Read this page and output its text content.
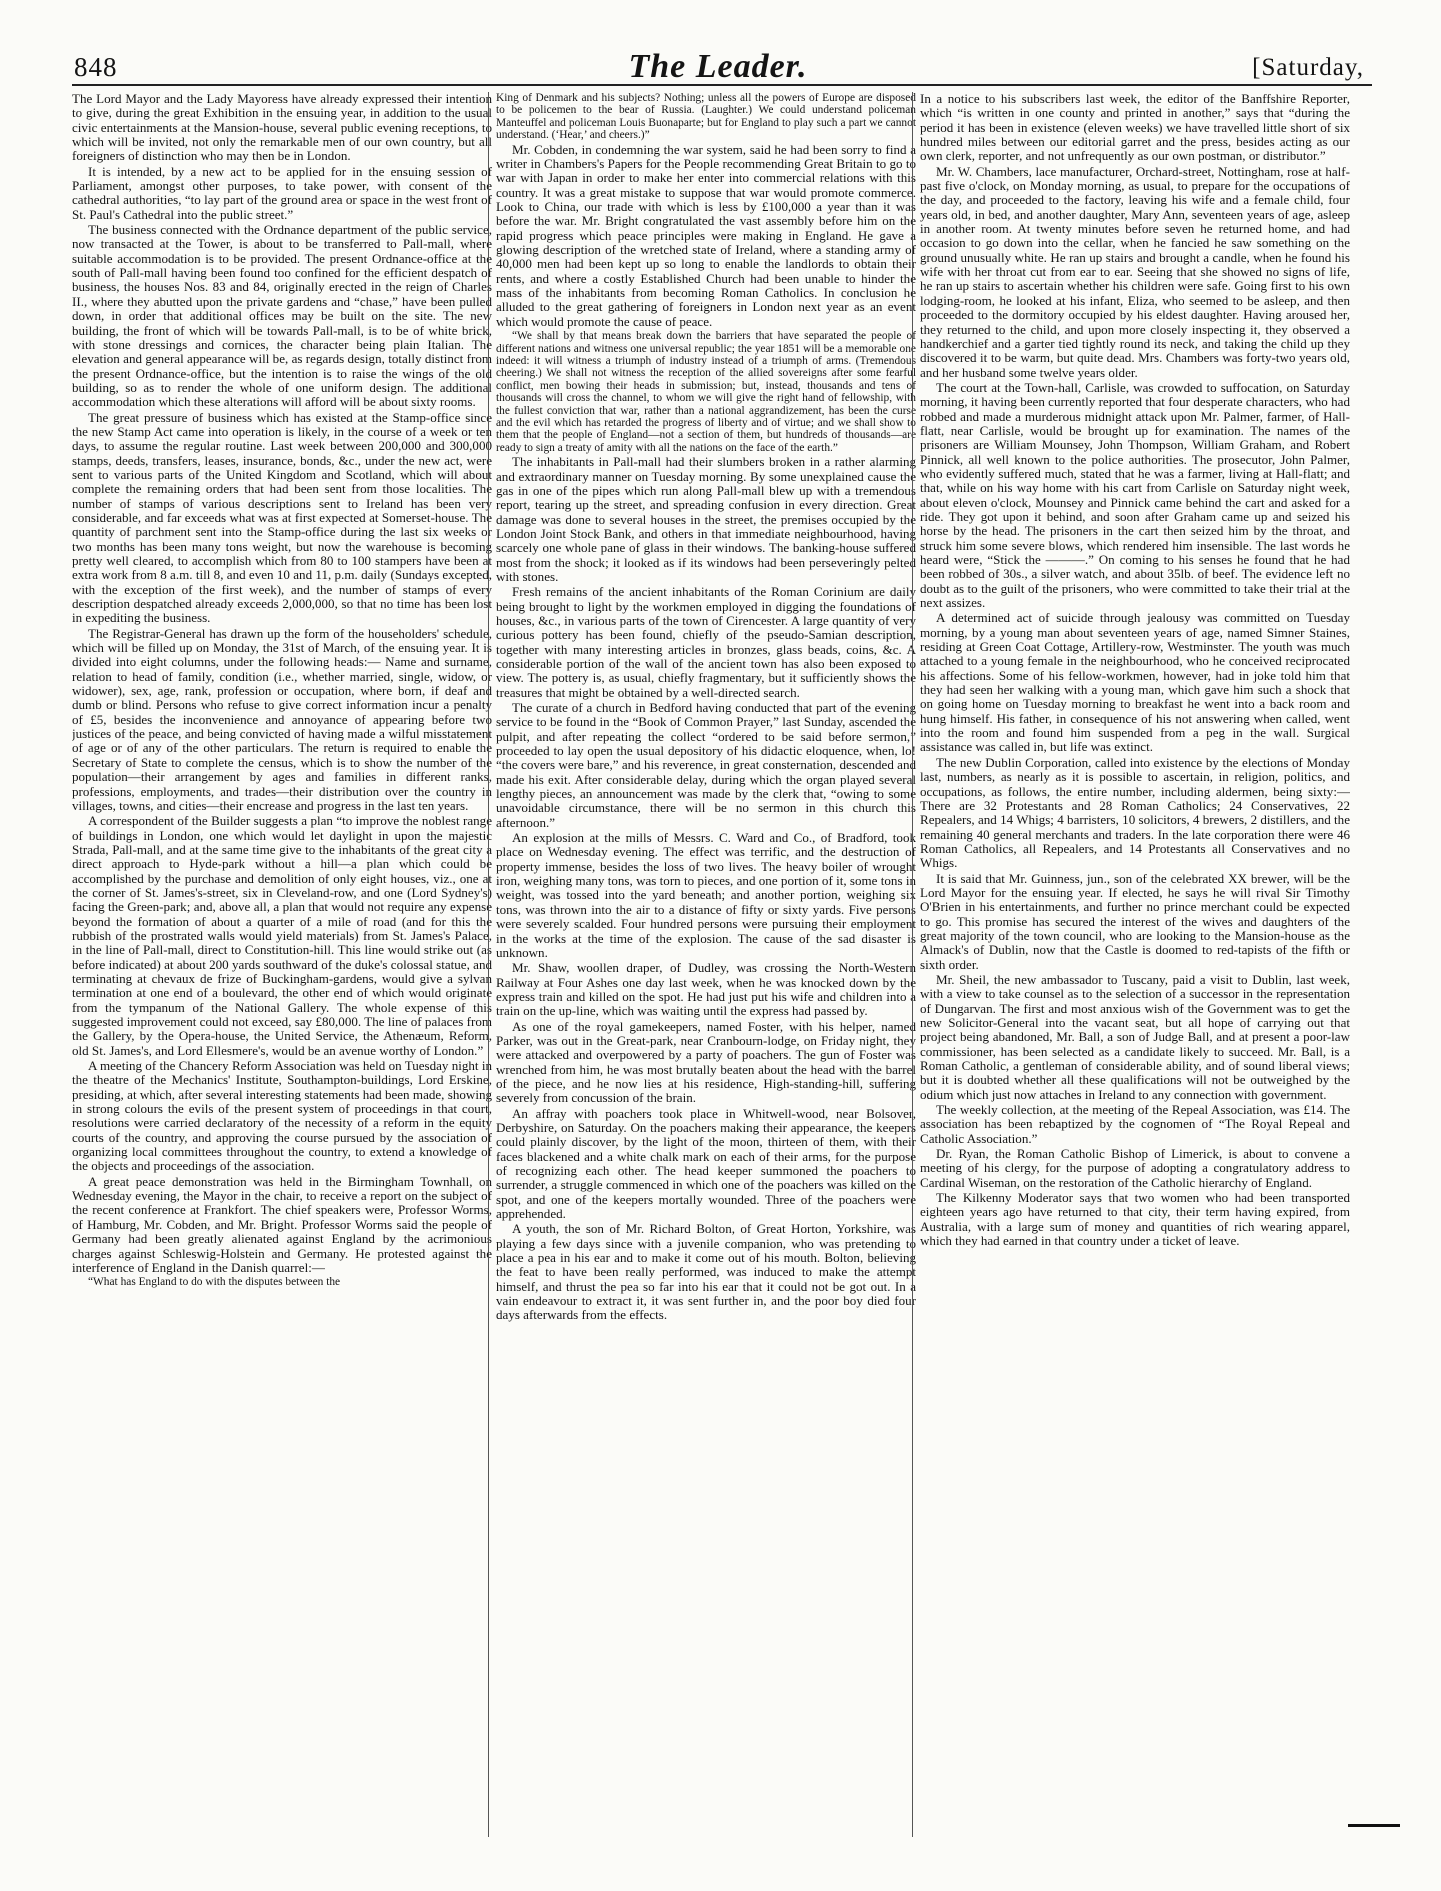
848	The Leader.	[Saturday,

The Lord Mayor and the Lady Mayoress have already expressed their intention to give, during the great Exhibition in the ensuing year, in addition to the usual civic entertainments at the Mansion-house, several public evening receptions, to which will be invited, not only the remarkable men of our own country, but all foreigners of distinction who may then be in London.

It is intended, by a new act to be applied for in the ensuing session of Parliament, amongst other purposes, to take power, with consent of the cathedral authorities, “to lay part of the ground area or space in the west front of St. Paul's Cathedral into the public street.”

The business connected with the Ordnance department of the public service, now transacted at the Tower, is about to be transferred to Pall-mall, where suitable accommodation is to be provided. The present Ordnance-office at the south of Pall-mall having been found too confined for the efficient despatch of business, the houses Nos. 83 and 84, originally erected in the reign of Charles II., where they abutted upon the private gardens and “chase,” have been pulled down, in order that additional offices may be built on the site. The new building, the front of which will be towards Pall-mall, is to be of white brick, with stone dressings and cornices, the character being plain Italian. The elevation and general appearance will be, as regards design, totally distinct from the present Ordnance-office, but the intention is to raise the wings of the old building, so as to render the whole of one uniform design. The additional accommodation which these alterations will afford will be about sixty rooms.

The great pressure of business which has existed at the Stamp-office since the new Stamp Act came into operation is likely, in the course of a week or ten days, to assume the regular routine. Last week between 200,000 and 300,000 stamps, deeds, transfers, leases, insurance, bonds, &c., under the new act, were sent to various parts of the United Kingdom and Scotland, which will about complete the remaining orders that had been sent from those localities. The number of stamps of various descriptions sent to Ireland has been very considerable, and far exceeds what was at first expected at Somerset-house. The quantity of parchment sent into the Stamp-office during the last six weeks or two months has been many tons weight, but now the warehouse is becoming pretty well cleared, to accomplish which from 80 to 100 stampers have been at extra work from 8 a.m. till 8, and even 10 and 11, p.m. daily (Sundays excepted, with the exception of the first week), and the number of stamps of every description despatched already exceeds 2,000,000, so that no time has been lost in expediting the business.

The Registrar-General has drawn up the form of the householders' schedule, which will be filled up on Monday, the 31st of March, of the ensuing year. It is divided into eight columns, under the following heads:— Name and surname, relation to head of family, condition (i.e., whether married, single, widow, or widower), sex, age, rank, profession or occupation, where born, if deaf and dumb or blind. Persons who refuse to give correct information incur a penalty of £5, besides the inconvenience and annoyance of appearing before two justices of the peace, and being convicted of having made a wilful misstatement of age or of any of the other particulars. The return is required to enable the Secretary of State to complete the census, which is to show the number of the population—their arrangement by ages and families in different ranks, professions, employments, and trades—their distribution over the country in villages, towns, and cities—their encrease and progress in the last ten years.

A correspondent of the Builder suggests a plan “to improve the noblest range of buildings in London, one which would let daylight in upon the majestic Strada, Pall-mall, and at the same time give to the inhabitants of the great city a direct approach to Hyde-park without a hill—a plan which could be accomplished by the purchase and demolition of only eight houses, viz., one at the corner of St. James's-street, six in Cleveland-row, and one (Lord Sydney's) facing the Green-park; and, above all, a plan that would not require any expense beyond the formation of about a quarter of a mile of road (and for this the rubbish of the prostrated walls would yield materials) from St. James's Palace, in the line of Pall-mall, direct to Constitution-hill. This line would strike out (as before indicated) at about 200 yards southward of the duke's colossal statue, and terminating at chevaux de frize of Buckingham-gardens, would give a sylvan termination at one end of a boulevard, the other end of which would originate from the tympanum of the National Gallery. The whole expense of this suggested improvement could not exceed, say £80,000. The line of palaces from the Gallery, by the Opera-house, the United Service, the Athenæum, Reform, old St. James's, and Lord Ellesmere's, would be an avenue worthy of London.”

A meeting of the Chancery Reform Association was held on Tuesday night in the theatre of the Mechanics' Institute, Southampton-buildings, Lord Erskine, presiding, at which, after several interesting statements had been made, showing in strong colours the evils of the present system of proceedings in that court, resolutions were carried declaratory of the necessity of a reform in the equity courts of the country, and approving the course pursued by the association of organizing local committees throughout the country, to extend a knowledge of the objects and proceedings of the association.

A great peace demonstration was held in the Birmingham Townhall, on Wednesday evening, the Mayor in the chair, to receive a report on the subject of the recent conference at Frankfort. The chief speakers were, Professor Worms, of Hamburg, Mr. Cobden, and Mr. Bright. Professor Worms said the people of Germany had been greatly alienated against England by the acrimonious charges against Schleswig-Holstein and Germany. He protested against the interference of England in the Danish quarrel:—

“What has England to do with the disputes between the

King of Denmark and his subjects? Nothing; unless all the powers of Europe are disposed to be policemen to the bear of Russia. (Laughter.) We could understand policeman Manteuffel and policeman Louis Buonaparte; but for England to play such a part we cannot understand. (‘Hear,’ and cheers.)”

Mr. Cobden, in condemning the war system, said he had been sorry to find a writer in Chambers's Papers for the People recommending Great Britain to go to war with Japan in order to make her enter into commercial relations with this country. It was a great mistake to suppose that war would promote commerce. Look to China, our trade with which is less by £100,000 a year than it was before the war. Mr. Bright congratulated the vast assembly before him on the rapid progress which peace principles were making in England. He gave a glowing description of the wretched state of Ireland, where a standing army of 40,000 men had been kept up so long to enable the landlords to obtain their rents, and where a costly Established Church had been unable to hinder the mass of the inhabitants from becoming Roman Catholics. In conclusion he alluded to the great gathering of foreigners in London next year as an event which would promote the cause of peace.

“We shall by that means break down the barriers that have separated the people of different nations and witness one universal republic; the year 1851 will be a memorable one indeed: it will witness a triumph of industry instead of a triumph of arms. (Tremendous cheering.) We shall not witness the reception of the allied sovereigns after some fearful conflict, men bowing their heads in submission; but, instead, thousands and tens of thousands will cross the channel, to whom we will give the right hand of fellowship, with the fullest conviction that war, rather than a national aggrandizement, has been the curse and the evil which has retarded the progress of liberty and of virtue; and we shall show to them that the people of England—not a section of them, but hundreds of thousands—are ready to sign a treaty of amity with all the nations on the face of the earth.”

The inhabitants in Pall-mall had their slumbers broken in a rather alarming and extraordinary manner on Tuesday morning. By some unexplained cause the gas in one of the pipes which run along Pall-mall blew up with a tremendous report, tearing up the street, and spreading confusion in every direction. Great damage was done to several houses in the street, the premises occupied by the London Joint Stock Bank, and others in that immediate neighbourhood, having scarcely one whole pane of glass in their windows. The banking-house suffered most from the shock; it looked as if its windows had been perseveringly pelted with stones.

Fresh remains of the ancient inhabitants of the Roman Corinium are daily being brought to light by the workmen employed in digging the foundations of houses, &c., in various parts of the town of Cirencester. A large quantity of very curious pottery has been found, chiefly of the pseudo-Samian description, together with many interesting articles in bronzes, glass beads, coins, &c. A considerable portion of the wall of the ancient town has also been exposed to view. The pottery is, as usual, chiefly fragmentary, but it sufficiently shows the treasures that might be obtained by a well-directed search.

The curate of a church in Bedford having conducted that part of the evening service to be found in the “Book of Common Prayer,” last Sunday, ascended the pulpit, and after repeating the collect “ordered to be said before sermon,” proceeded to lay open the usual depository of his didactic eloquence, when, lo! “the covers were bare,” and his reverence, in great consternation, descended and made his exit. After considerable delay, during which the organ played several lengthy pieces, an announcement was made by the clerk that, “owing to some unavoidable circumstance, there will be no sermon in this church this afternoon.”

An explosion at the mills of Messrs. C. Ward and Co., of Bradford, took place on Wednesday evening. The effect was terrific, and the destruction of property immense, besides the loss of two lives. The heavy boiler of wrought iron, weighing many tons, was torn to pieces, and one portion of it, some tons in weight, was tossed into the yard beneath; and another portion, weighing six tons, was thrown into the air to a distance of fifty or sixty yards. Five persons were severely scalded. Four hundred persons were pursuing their employment in the works at the time of the explosion. The cause of the sad disaster is unknown.

Mr. Shaw, woollen draper, of Dudley, was crossing the North-Western Railway at Four Ashes one day last week, when he was knocked down by the express train and killed on the spot. He had just put his wife and children into a train on the up-line, which was waiting until the express had passed by.

As one of the royal gamekeepers, named Foster, with his helper, named Parker, was out in the Great-park, near Cranbourn-lodge, on Friday night, they were attacked and overpowered by a party of poachers. The gun of Foster was wrenched from him, he was most brutally beaten about the head with the barrel of the piece, and he now lies at his residence, High-standing-hill, suffering severely from concussion of the brain.

An affray with poachers took place in Whitwell-wood, near Bolsover, Derbyshire, on Saturday. On the poachers making their appearance, the keepers could plainly discover, by the light of the moon, thirteen of them, with their faces blackened and a white chalk mark on each of their arms, for the purpose of recognizing each other. The head keeper summoned the poachers to surrender, a struggle commenced in which one of the poachers was killed on the spot, and one of the keepers mortally wounded. Three of the poachers were apprehended.

A youth, the son of Mr. Richard Bolton, of Great Horton, Yorkshire, was playing a few days since with a juvenile companion, who was pretending to place a pea in his ear and to make it come out of his mouth. Bolton, believing the feat to have been really performed, was induced to make the attempt himself, and thrust the pea so far into his ear that it could not be got out. In a vain endeavour to extract it, it was sent further in, and the poor boy died four days afterwards from the effects.

In a notice to his subscribers last week, the editor of the Banffshire Reporter, which “is written in one county and printed in another,” says that “during the period it has been in existence (eleven weeks) we have travelled little short of six hundred miles between our editorial garret and the press, besides acting as our own clerk, reporter, and not unfrequently as our own postman, or distributor.”

Mr. W. Chambers, lace manufacturer, Orchard-street, Nottingham, rose at half-past five o'clock, on Monday morning, as usual, to prepare for the occupations of the day, and proceeded to the factory, leaving his wife and a female child, four years old, in bed, and another daughter, Mary Ann, seventeen years of age, asleep in another room. At twenty minutes before seven he returned home, and had occasion to go down into the cellar, when he fancied he saw something on the ground unusually white. He ran up stairs and brought a candle, when he found his wife with her throat cut from ear to ear. Seeing that she showed no signs of life, he ran up stairs to ascertain whether his children were safe. Going first to his own lodging-room, he looked at his infant, Eliza, who seemed to be asleep, and then proceeded to the dormitory occupied by his eldest daughter. Having aroused her, they returned to the child, and upon more closely inspecting it, they observed a handkerchief and a garter tied tightly round its neck, and taking the child up they discovered it to be warm, but quite dead. Mrs. Chambers was forty-two years old, and her husband some twelve years older.

The court at the Town-hall, Carlisle, was crowded to suffocation, on Saturday morning, it having been currently reported that four desperate characters, who had robbed and made a murderous midnight attack upon Mr. Palmer, farmer, of Hall-flatt, near Carlisle, would be brought up for examination. The names of the prisoners are William Mounsey, John Thompson, William Graham, and Robert Pinnick, all well known to the police authorities. The prosecutor, John Palmer, who evidently suffered much, stated that he was a farmer, living at Hall-flatt; and that, while on his way home with his cart from Carlisle on Saturday night week, about eleven o'clock, Mounsey and Pinnick came behind the cart and asked for a ride. They got upon it behind, and soon after Graham came up and seized his horse by the head. The prisoners in the cart then seized him by the throat, and struck him some severe blows, which rendered him insensible. The last words he heard were, “Stick the ———.” On coming to his senses he found that he had been robbed of 30s., a silver watch, and about 35lb. of beef. The evidence left no doubt as to the guilt of the prisoners, who were committed to take their trial at the next assizes.

A determined act of suicide through jealousy was committed on Tuesday morning, by a young man about seventeen years of age, named Simner Staines, residing at Green Coat Cottage, Artillery-row, Westminster. The youth was much attached to a young female in the neighbourhood, who he conceived reciprocated his affections. Some of his fellow-workmen, however, had in joke told him that they had seen her walking with a young man, which gave him such a shock that on going home on Tuesday morning to breakfast he went into a back room and hung himself. His father, in consequence of his not answering when called, went into the room and found him suspended from a peg in the wall. Surgical assistance was called in, but life was extinct.

The new Dublin Corporation, called into existence by the elections of Monday last, numbers, as nearly as it is possible to ascertain, in religion, politics, and occupations, as follows, the entire number, including aldermen, being sixty:—There are 32 Protestants and 28 Roman Catholics; 24 Conservatives, 22 Repealers, and 14 Whigs; 4 barristers, 10 solicitors, 4 brewers, 2 distillers, and the remaining 40 general merchants and traders. In the late corporation there were 46 Roman Catholics, all Repealers, and 14 Protestants all Conservatives and no Whigs.

It is said that Mr. Guinness, jun., son of the celebrated XX brewer, will be the Lord Mayor for the ensuing year. If elected, he says he will rival Sir Timothy O'Brien in his entertainments, and further no prince merchant could be expected to go. This promise has secured the interest of the wives and daughters of the great majority of the town council, who are looking to the Mansion-house as the Almack's of Dublin, now that the Castle is doomed to red-tapists of the fifth or sixth order.

Mr. Sheil, the new ambassador to Tuscany, paid a visit to Dublin, last week, with a view to take counsel as to the selection of a successor in the representation of Dungarvan. The first and most anxious wish of the Government was to get the new Solicitor-General into the vacant seat, but all hope of carrying out that project being abandoned, Mr. Ball, a son of Judge Ball, and at present a poor-law commissioner, has been selected as a candidate likely to succeed. Mr. Ball, is a Roman Catholic, a gentleman of considerable ability, and of sound liberal views; but it is doubted whether all these qualifications will not be outweighed by the odium which just now attaches in Ireland to any connection with government.

The weekly collection, at the meeting of the Repeal Association, was £14. The association has been rebaptized by the cognomen of “The Royal Repeal and Catholic Association.”

Dr. Ryan, the Roman Catholic Bishop of Limerick, is about to convene a meeting of his clergy, for the purpose of adopting a congratulatory address to Cardinal Wiseman, on the restoration of the Catholic hierarchy of England.

The Kilkenny Moderator says that two women who had been transported eighteen years ago have returned to that city, their term having expired, from Australia, with a large sum of money and quantities of rich wearing apparel, which they had earned in that country under a ticket of leave.
